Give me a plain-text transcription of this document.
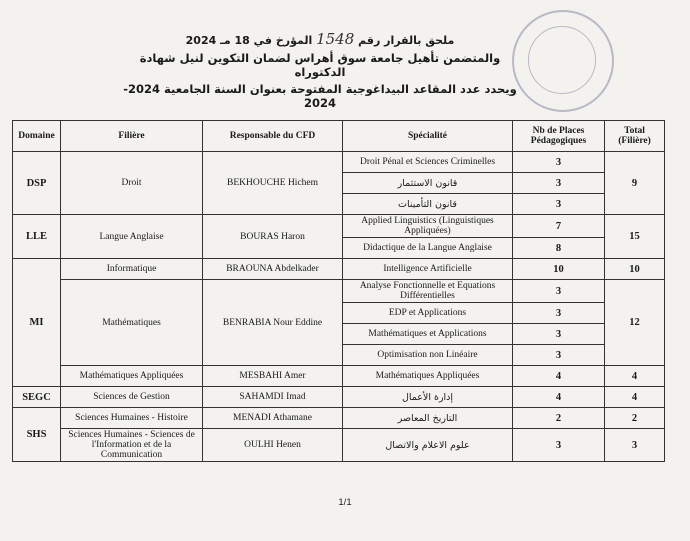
ملحق بالقرار رقم 1548 المؤرخ في 18 مـ 2024
والمتضمن تأهيل جامعة سوق أهراس لضمان التكوين لنيل شهادة الدكتوراه
ويحدد عدد المقاعد البيداغوجية المفتوحة بعنوان السنة الجامعية 2024-2024
Domaine	Filière	Responsable du CFD	Spécialité	Nb de Places Pédagogiques	Total (Filière)
DSP	Droit	BEKHOUCHE Hichem	Droit Pénal et Sciences Criminelles	3	9
			قانون الاستثمار	3	
			قانون التأمينات	3	
LLE	Langue Anglaise	BOURAS Haron	Applied Linguistics (Linguistiques Appliquées)	7	15
			Didactique de la Langue Anglaise	8	
MI	Informatique	BRAOUNA Abdelkader	Intelligence Artificielle	10	10
	Mathématiques	BENRABIA Nour Eddine	Analyse Fonctionnelle et Equations Différentielles	3	12
			EDP et Applications	3	
			Mathématiques et Applications	3	
			Optimisation non Linéaire	3	
	Mathématiques Appliquées	MESBAHI Amer	Mathématiques Appliquées	4	4
SEGC	Sciences de Gestion	SAHAMDI Imad	إدارة الأعمال	4	4
SHS	Sciences Humaines - Histoire	MENADI Athamane	التاريخ المعاصر	2	2
	Sciences Humaines - Sciences de l'Information et de la Communication	OULHI Henen	علوم الاعلام والاتصال	3	3
1/1
